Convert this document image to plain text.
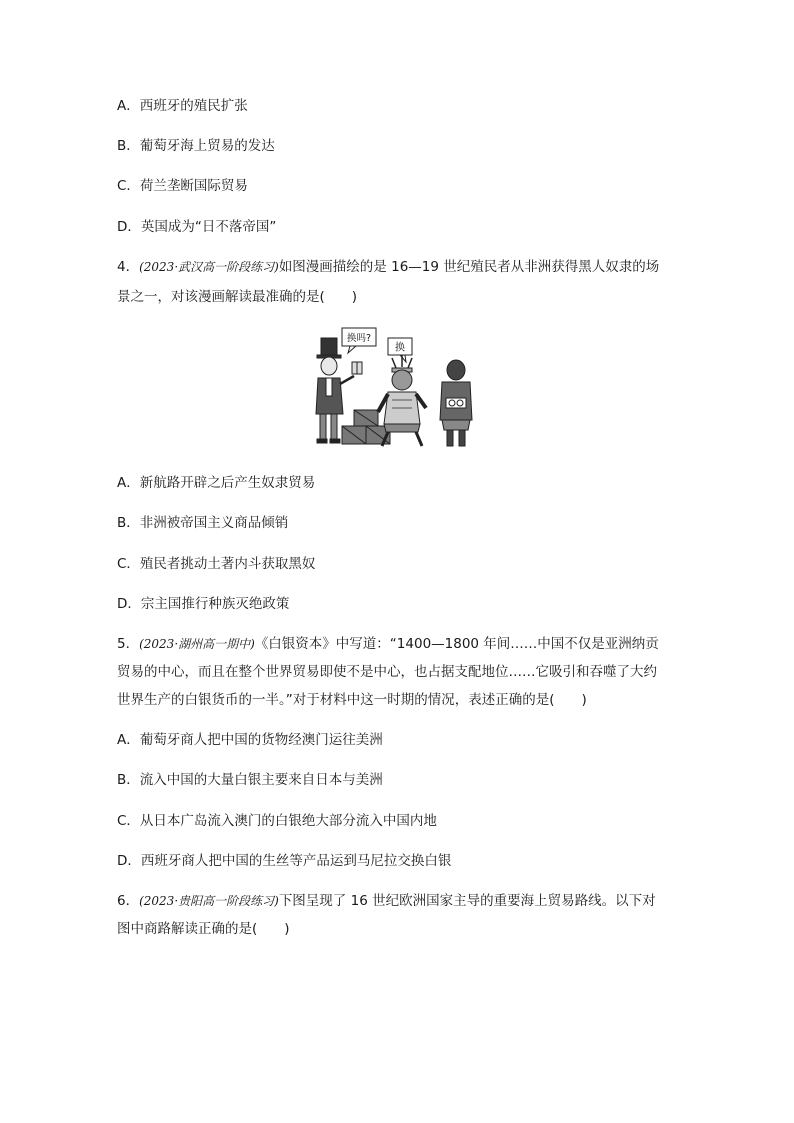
A．西班牙的殖民扩张
B．葡萄牙海上贸易的发达
C．荷兰垄断国际贸易
D．英国成为“日不落帝国”
4．(2023·武汉高一阶段练习)如图漫画描绘的是 16—19 世纪殖民者从非洲获得黑人奴隶的场
景之一，对该漫画解读最准确的是(　　)
换吗?
换
A．新航路开辟之后产生奴隶贸易
B．非洲被帝国主义商品倾销
C．殖民者挑动土著内斗获取黑奴
D．宗主国推行种族灭绝政策
5．(2023·湖州高一期中)《白银资本》中写道：“1400—1800 年间……中国不仅是亚洲纳贡
贸易的中心，而且在整个世界贸易即使不是中心，也占据支配地位……它吸引和吞噬了大约
世界生产的白银货币的一半。”对于材料中这一时期的情况，表述正确的是(　　)
A．葡萄牙商人把中国的货物经澳门运往美洲
B．流入中国的大量白银主要来自日本与美洲
C．从日本广岛流入澳门的白银绝大部分流入中国内地
D．西班牙商人把中国的生丝等产品运到马尼拉交换白银
6．(2023·贵阳高一阶段练习)下图呈现了 16 世纪欧洲国家主导的重要海上贸易路线。以下对
图中商路解读正确的是(　　)
